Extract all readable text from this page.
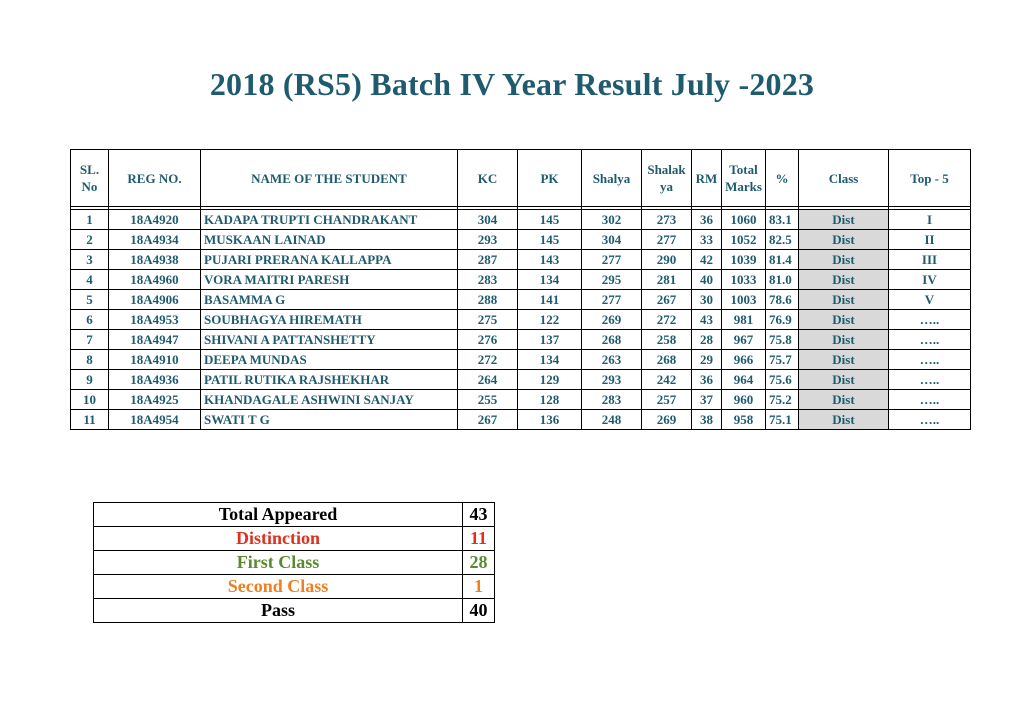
2018 (RS5) Batch IV Year Result July -2023
SL. No	REG NO.	NAME OF THE STUDENT	KC	PK	Shalya	Shalak ya	RM	Total Marks	%	Class	Top - 5

1	18A4920	KADAPA TRUPTI CHANDRAKANT	304	145	302	273	36	1060	83.1	Dist	I
2	18A4934	MUSKAAN LAINAD	293	145	304	277	33	1052	82.5	Dist	II
3	18A4938	PUJARI PRERANA KALLAPPA	287	143	277	290	42	1039	81.4	Dist	III
4	18A4960	VORA MAITRI PARESH	283	134	295	281	40	1033	81.0	Dist	IV
5	18A4906	BASAMMA G	288	141	277	267	30	1003	78.6	Dist	V
6	18A4953	SOUBHAGYA HIREMATH	275	122	269	272	43	981	76.9	Dist	…..
7	18A4947	SHIVANI A PATTANSHETTY	276	137	268	258	28	967	75.8	Dist	…..
8	18A4910	DEEPA MUNDAS	272	134	263	268	29	966	75.7	Dist	…..
9	18A4936	PATIL RUTIKA RAJSHEKHAR	264	129	293	242	36	964	75.6	Dist	…..
10	18A4925	KHANDAGALE ASHWINI SANJAY	255	128	283	257	37	960	75.2	Dist	…..
11	18A4954	SWATI T G	267	136	248	269	38	958	75.1	Dist	…..
Total Appeared	43
Distinction	11
First Class	28
Second Class	1
Pass	40
